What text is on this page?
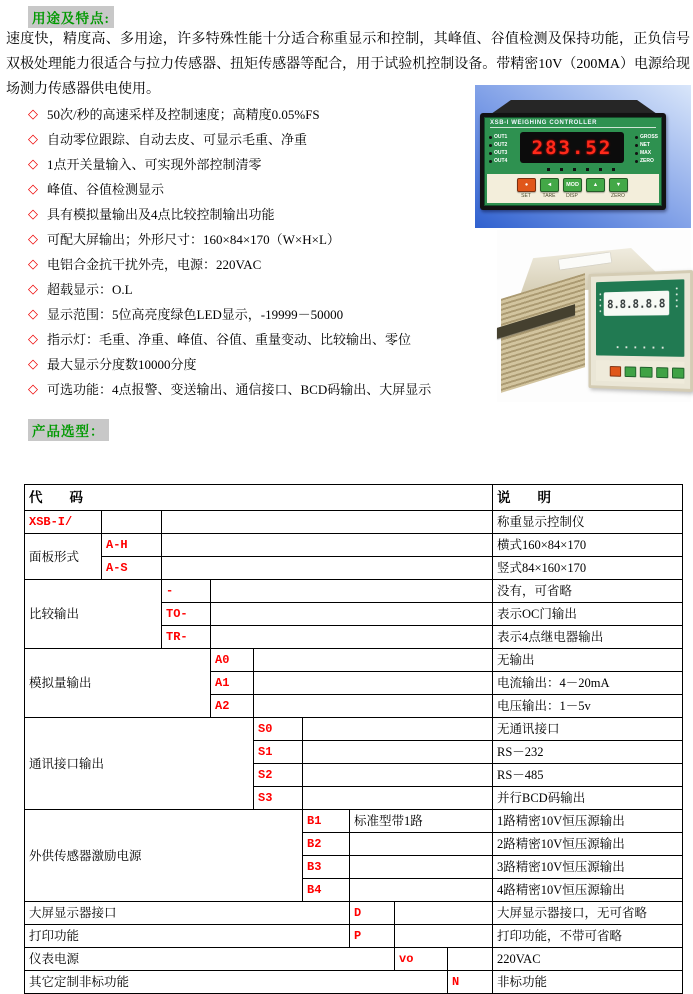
用途及特点:
速度快，精度高、多用途，许多特殊性能十分适合称重显示和控制，其峰值、谷值检测及保持功能，正负信号双极处理能力很适合与拉力传感器、扭矩传感器等配合，用于试验机控制设备。带精密10V（200MA）电源给现场测力传感器供电使用。
◇ 50次/秒的高速采样及控制速度；高精度0.05%FS
◇ 自动零位跟踪、自动去皮、可显示毛重、净重
◇ 1点开关量输入、可实现外部控制清零
◇ 峰值、谷值检测显示
◇ 具有模拟量输出及4点比较控制输出功能
◇ 可配大屏输出；外形尺寸：160×84×170（W×H×L）
◇ 电铝合金抗干扰外壳，电源：220VAC
◇ 超载显示：O.L
◇ 显示范围：5位高亮度绿色LED显示，-19999－50000
◇ 指示灯：毛重、净重、峰值、谷值、重量变动、比较输出、零位
◇ 最大显示分度数10000分度
◇ 可选功能：4点报警、变送输出、通信接口、BCD码输出、大屏显示
XSB-I WEIGHING CONTROLLER
OUT1
OUT2
OUT3
OUT4
GROSS
NET
MAX
ZERO
283.52
●
SET
◄
TARE
MOD
DISP
▲	▼
ZERO
8.8.8.8.8
产品选型：
代　　码									说　　明
XSB-I/									称重显示控制仪
面板形式	A-H								横式160×84×170
	A-S								竖式84×160×170
比较输出		-							没有，可省略
		TO-							表示OC门输出
		TR-							表示4点继电器输出
模拟量输出			A0						无输出
			A1						电流输出：4－20mA
			A2						电压输出：1－5v
通讯接口输出				S0					无通讯接口
				S1					RS－232
				S2					RS－485
				S3					并行BCD码输出
外供传感器激励电源					B1	标准型带1路			1路精密10V恒压源输出
					B2				2路精密10V恒压源输出
					B3				3路精密10V恒压源输出
					B4				4路精密10V恒压源输出
大屏显示器接口						D			大屏显示器接口，无可省略
打印功能						P			打印功能，不带可省略
仪表电源							vo		220VAC
其它定制非标功能								N	非标功能
